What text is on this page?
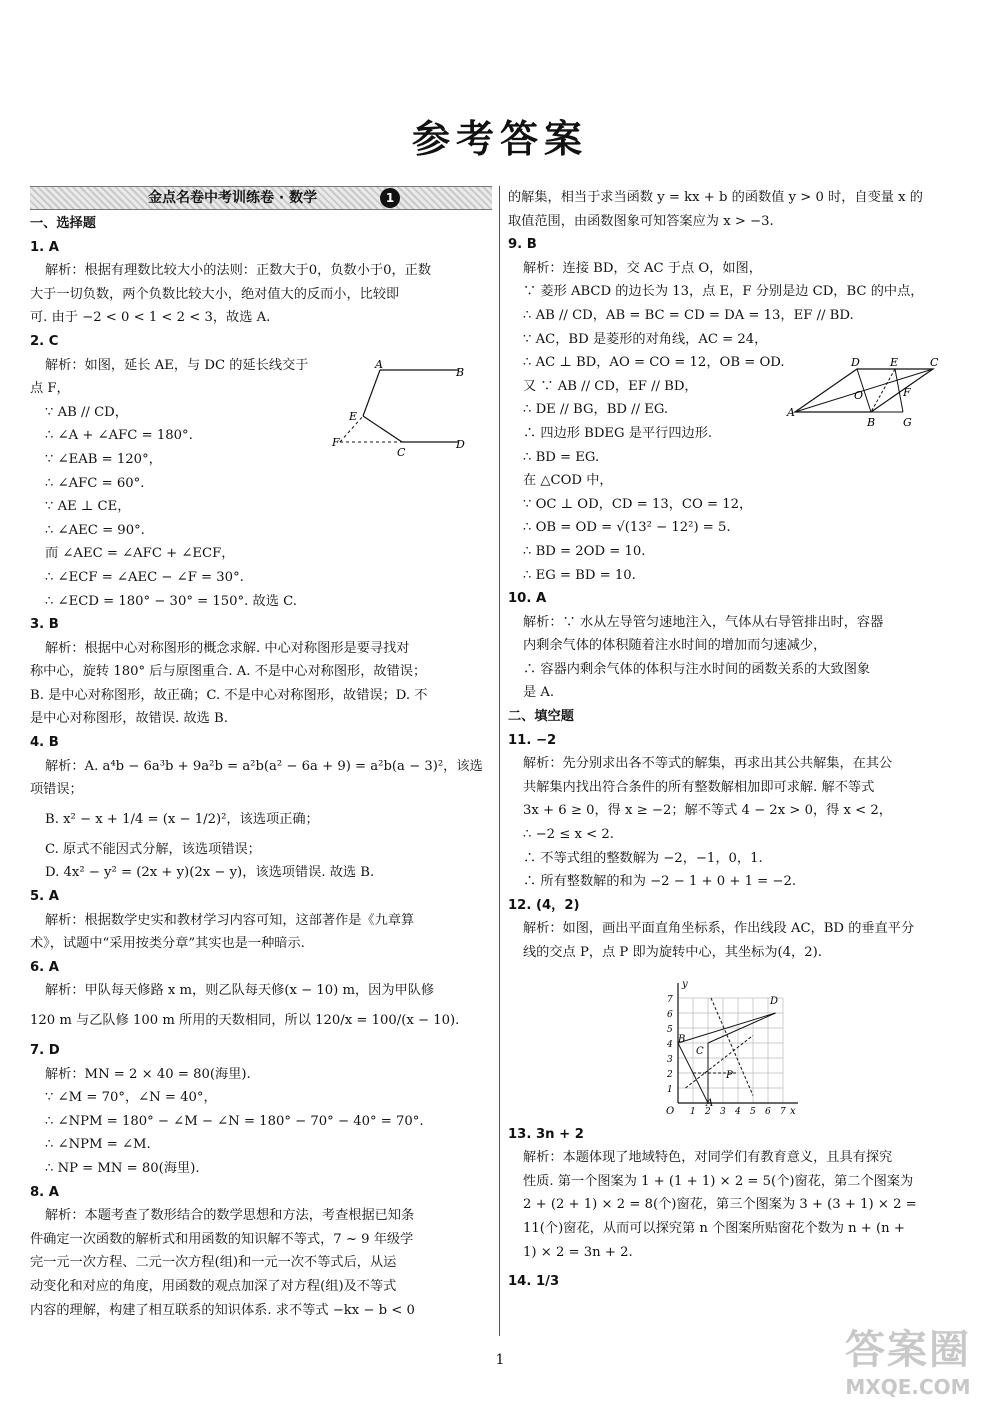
参考答案
金点名卷中考训练卷 · 数学	1

一、选择题

1. A

解析：根据有理数比较大小的法则：正数大于0，负数小于0，正数

大于一切负数，两个负数比较大小，绝对值大的反而小，比较即

可. 由于 −2 < 0 < 1 < 2 < 3，故选 A.

2. C

解析：如图，延长 AE，与 DC 的延长线交于

点 F，

∵ AB // CD，

∴ ∠A + ∠AFC = 180°.

∵ ∠EAB = 120°，

∴ ∠AFC = 60°.

∵ AE ⊥ CE，

∴ ∠AEC = 90°.

而 ∠AEC = ∠AFC + ∠ECF，

∴ ∠ECF = ∠AEC − ∠F = 30°.

∴ ∠ECD = 180° − 30° = 150°. 故选 C.

3. B

解析：根据中心对称图形的概念求解. 中心对称图形是要寻找对

称中心，旋转 180° 后与原图重合. A. 不是中心对称图形，故错误；

B. 是中心对称图形，故正确；C. 不是中心对称图形，故错误；D. 不

是中心对称图形，故错误. 故选 B.

4. B

解析：A. a⁴b − 6a³b + 9a²b = a²b(a² − 6a + 9) = a²b(a − 3)²，该选

项错误；

B. x² − x + 1/4 = (x − 1/2)²，该选项正确；

C. 原式不能因式分解，该选项错误；

D. 4x² − y² = (2x + y)(2x − y)，该选项错误. 故选 B.

5. A

解析：根据数学史实和教材学习内容可知，这部著作是《九章算

术》，试题中“采用按类分章”其实也是一种暗示.

6. A

解析：甲队每天修路 x m，则乙队每天修(x − 10) m，因为甲队修

120 m 与乙队修 100 m 所用的天数相同，所以 120/x = 100/(x − 10).

7. D

解析：MN = 2 × 40 = 80(海里).

∵ ∠M = 70°，∠N = 40°，

∴ ∠NPM = 180° − ∠M − ∠N = 180° − 70° − 40° = 70°.

∴ ∠NPM = ∠M.

∴ NP = MN = 80(海里).

8. A

解析：本题考查了数形结合的数学思想和方法，考查根据已知条

件确定一次函数的解析式和用函数的知识解不等式，7 ~ 9 年级学

完一元一次方程、二元一次方程(组)和一元一次不等式后，从运

动变化和对应的角度，用函数的观点加深了对方程(组)及不等式

内容的理解，构建了相互联系的知识体系. 求不等式 −kx − b < 0

的解集，相当于求当函数 y = kx + b 的函数值 y > 0 时，自变量 x 的

取值范围，由函数图象可知答案应为 x > −3.

9. B

解析：连接 BD，交 AC 于点 O，如图，

∵ 菱形 ABCD 的边长为 13，点 E，F 分别是边 CD，BC 的中点，

∴ AB // CD，AB = BC = CD = DA = 13，EF // BD.

∵ AC，BD 是菱形的对角线，AC = 24，

∴ AC ⊥ BD，AO = CO = 12，OB = OD.

又 ∵ AB // CD，EF // BD，

∴ DE // BG，BD // EG.

∴ 四边形 BDEG 是平行四边形.

∴ BD = EG.

在 △COD 中，

∵ OC ⊥ OD，CD = 13，CO = 12，

∴ OB = OD = √(13² − 12²) = 5.

∴ BD = 2OD = 10.

∴ EG = BD = 10.

10. A

解析：∵ 水从左导管匀速地注入，气体从右导管排出时，容器

内剩余气体的体积随着注水时间的增加而匀速减少，

∴ 容器内剩余气体的体积与注水时间的函数关系的大致图象

是 A.

二、填空题

11. −2

解析：先分别求出各不等式的解集，再求出其公共解集，在其公

共解集内找出符合条件的所有整数解相加即可求解. 解不等式

3x + 6 ≥ 0，得 x ≥ −2；解不等式 4 − 2x > 0，得 x < 2，

∴ −2 ≤ x < 2.

∴ 不等式组的整数解为 −2，−1，0，1.

∴ 所有整数解的和为 −2 − 1 + 0 + 1 = −2.

12. (4，2)

解析：如图，画出平面直角坐标系，作出线段 AC，BD 的垂直平分

线的交点 P，点 P 即为旋转中心，其坐标为(4，2).

13. 3n + 2

解析：本题体现了地域特色，对同学们有教育意义，且具有探究

性质. 第一个图案为 1 + (1 + 1) × 2 = 5(个)窗花，第二个图案为

2 + (2 + 1) × 2 = 8(个)窗花，第三个图案为 3 + (3 + 1) × 2 =

11(个)窗花，从而可以探究第 n 个图案所贴窗花个数为 n + (n +

1) × 2 = 3n + 2.

14. 1/3

A
B
E
F
C
D
D	E	C
A
O	F
B	G
1
1
2
2
3
3
4
4
5
5
6
6
7
7
x
y
O
A
B
C
D
P
1	答案圈
MXQE.COM
